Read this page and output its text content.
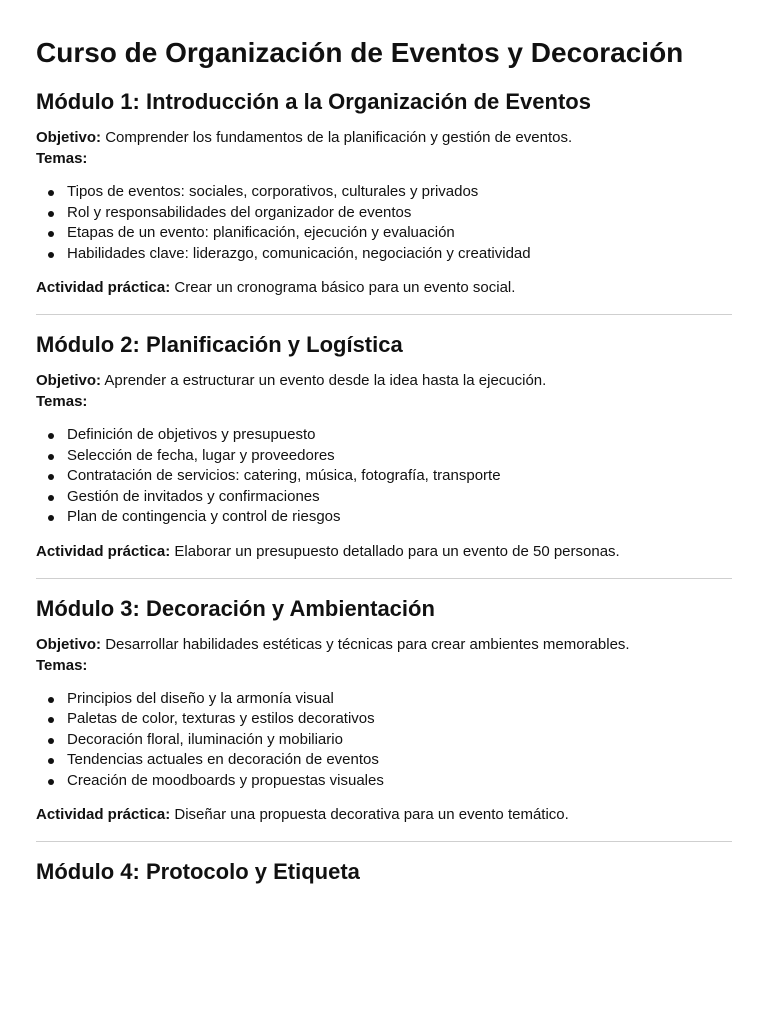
Curso de Organización de Eventos y Decoración
Módulo 1: Introducción a la Organización de Eventos

Objetivo: Comprender los fundamentos de la planificación y gestión de eventos.

Temas:

Tipos de eventos: sociales, corporativos, culturales y privados
Rol y responsabilidades del organizador de eventos
Etapas de un evento: planificación, ejecución y evaluación
Habilidades clave: liderazgo, comunicación, negociación y creatividad

Actividad práctica: Crear un cronograma básico para un evento social.

Módulo 2: Planificación y Logística

Objetivo: Aprender a estructurar un evento desde la idea hasta la ejecución.

Temas:

Definición de objetivos y presupuesto
Selección de fecha, lugar y proveedores
Contratación de servicios: catering, música, fotografía, transporte
Gestión de invitados y confirmaciones
Plan de contingencia y control de riesgos

Actividad práctica: Elaborar un presupuesto detallado para un evento de 50 personas.

Módulo 3: Decoración y Ambientación

Objetivo: Desarrollar habilidades estéticas y técnicas para crear ambientes memorables.

Temas:

Principios del diseño y la armonía visual
Paletas de color, texturas y estilos decorativos
Decoración floral, iluminación y mobiliario
Tendencias actuales en decoración de eventos
Creación de moodboards y propuestas visuales

Actividad práctica: Diseñar una propuesta decorativa para un evento temático.

Módulo 4: Protocolo y Etiqueta
